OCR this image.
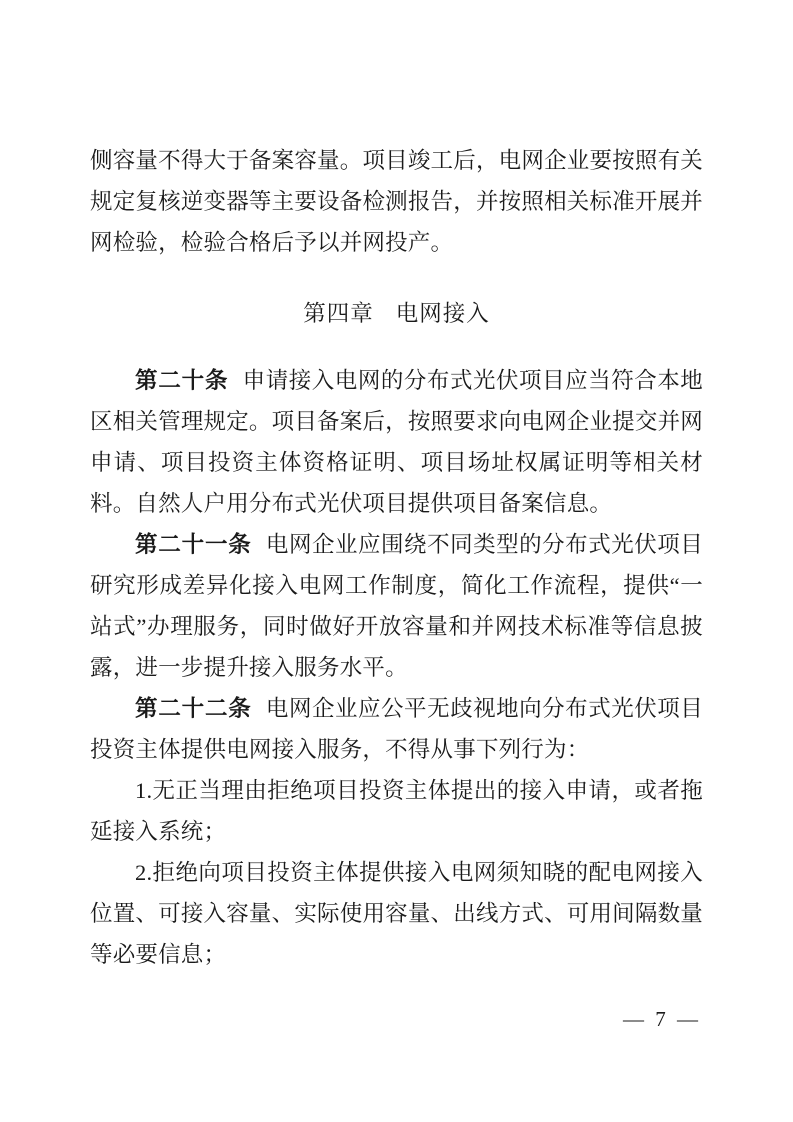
侧容量不得大于备案容量。项目竣工后，电网企业要按照有关规定复核逆变器等主要设备检测报告，并按照相关标准开展并网检验，检验合格后予以并网投产。

第四章 电网接入

第二十条 申请接入电网的分布式光伏项目应当符合本地区相关管理规定。项目备案后，按照要求向电网企业提交并网申请、项目投资主体资格证明、项目场址权属证明等相关材料。自然人户用分布式光伏项目提供项目备案信息。

第二十一条 电网企业应围绕不同类型的分布式光伏项目研究形成差异化接入电网工作制度，简化工作流程，提供“一站式”办理服务，同时做好开放容量和并网技术标准等信息披露，进一步提升接入服务水平。

第二十二条 电网企业应公平无歧视地向分布式光伏项目投资主体提供电网接入服务，不得从事下列行为：

1.无正当理由拒绝项目投资主体提出的接入申请，或者拖延接入系统；

2.拒绝向项目投资主体提供接入电网须知晓的配电网接入位置、可接入容量、实际使用容量、出线方式、可用间隔数量等必要信息；

— 7 —
